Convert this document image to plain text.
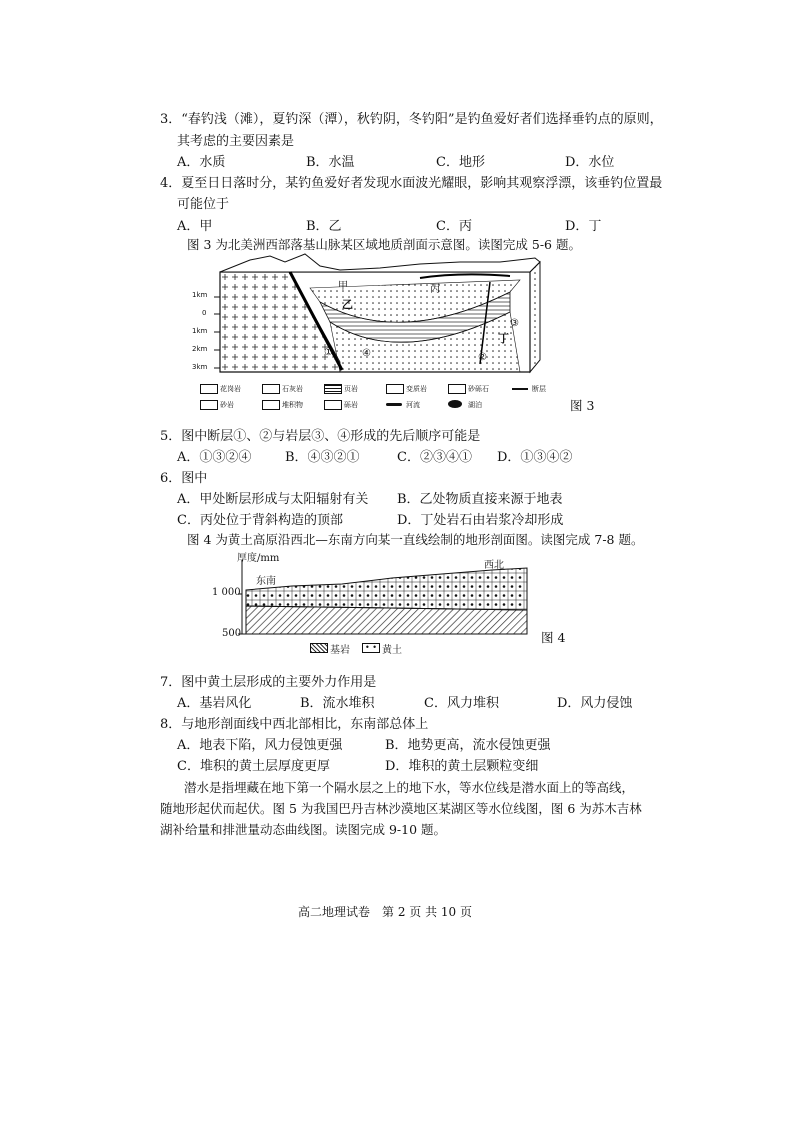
3．“春钓浅（滩），夏钓深（潭），秋钓阴，冬钓阳”是钓鱼爱好者们选择垂钓点的原则，
其考虑的主要因素是
A．水质	B．水温	C．地形	D．水位
4．夏至日日落时分，某钓鱼爱好者发现水面波光耀眼，影响其观察浮漂，该垂钓位置最
可能位于
A．甲	B．乙	C．丙	D．丁
图 3 为北美洲西部落基山脉某区域地质剖面示意图。读图完成 5-6 题。
1km
0
1km
2km
3km
甲
乙
丙
丁
①	②
③
④
花岗岩	石灰岩	页岩	变质岩	砂砾石	断层
砂岩	堆积物	砾岩	河流	湖泊	图 3
5．图中断层①、②与岩层③、④形成的先后顺序可能是
A．①③②④	B．④③②①	C．②③④① D．①③④②
6．图中
A．甲处断层形成与太阳辐射有关 B．乙处物质直接来源于地表
C．丙处位于背斜构造的顶部	D．丁处岩石由岩浆冷却形成
图 4 为黄土高原沿西北—东南方向某一直线绘制的地形剖面图。读图完成 7-8 题。
厚度/mm
1 000
500
东南
西北
基岩	• • 黄土
图 4
7．图中黄土层形成的主要外力作用是
A．基岩风化	B．流水堆积	C．风力堆积	D．风力侵蚀
8．与地形剖面线中西北部相比，东南部总体上
A．地表下陷，风力侵蚀更强	B．地势更高，流水侵蚀更强
C．堆积的黄土层厚度更厚	D．堆积的黄土层颗粒变细
潜水是指埋藏在地下第一个隔水层之上的地下水，等水位线是潜水面上的等高线，
随地形起伏而起伏。图 5 为我国巴丹吉林沙漠地区某湖区等水位线图，图 6 为苏木吉林
湖补给量和排泄量动态曲线图。读图完成 9-10 题。
高二地理试卷　第 2 页 共 10 页
